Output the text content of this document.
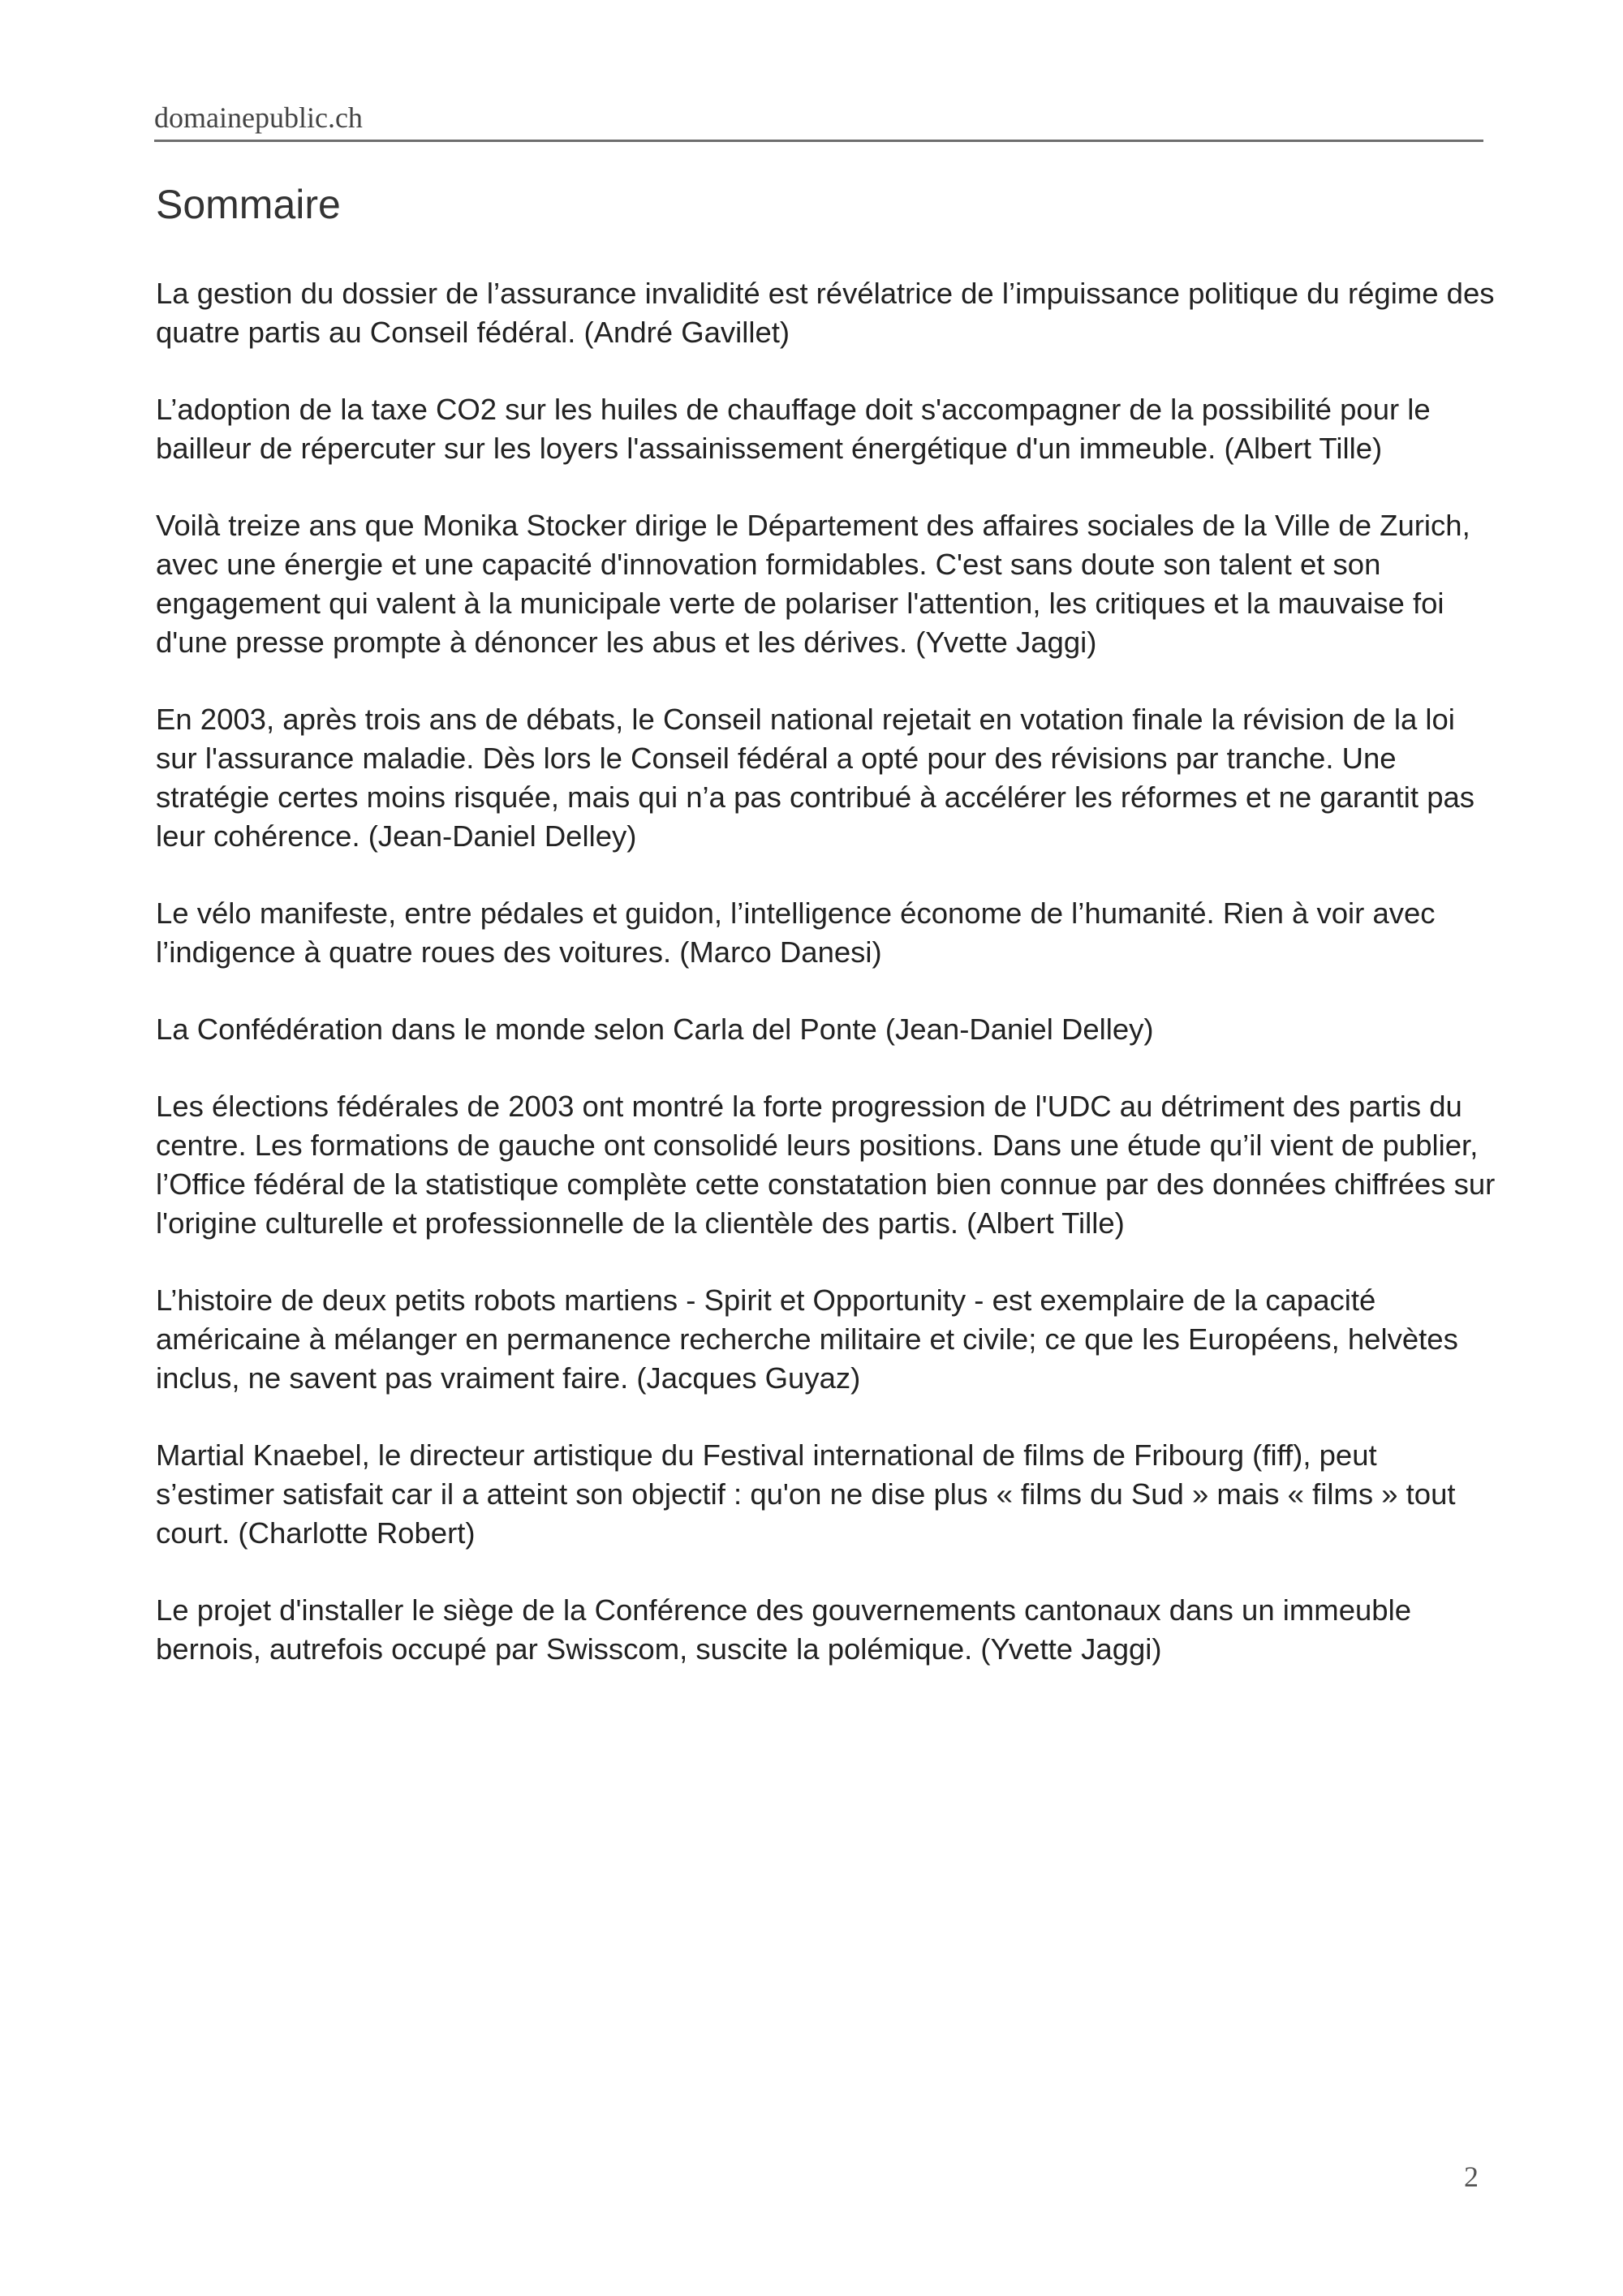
domainepublic.ch
Sommaire

La gestion du dossier de l’assurance invalidité est révélatrice de l’impuissance politique du régime des quatre partis au Conseil fédéral. (André Gavillet)

L’adoption de la taxe CO2 sur les huiles de chauffage doit s'accompagner de la possibilité pour le bailleur de répercuter sur les loyers l'assainissement énergétique d'un immeuble. (Albert Tille)

Voilà treize ans que Monika Stocker dirige le Département des affaires sociales de la Ville de Zurich, avec une énergie et une capacité d'innovation formidables. C'est sans doute son talent et son engagement qui valent à la municipale verte de polariser l'attention, les critiques et la mauvaise foi d'une presse prompte à dénoncer les abus et les dérives. (Yvette Jaggi)

En 2003, après trois ans de débats, le Conseil national rejetait en votation finale la révision de la loi sur l'assurance maladie. Dès lors le Conseil fédéral a opté pour des révisions par tranche. Une stratégie certes moins risquée, mais qui n’a pas contribué à accélérer les réformes et ne garantit pas leur cohérence. (Jean-Daniel Delley)

Le vélo manifeste, entre pédales et guidon, l’intelligence économe de l’humanité. Rien à voir avec l’indigence à quatre roues des voitures. (Marco Danesi)

La Confédération dans le monde selon Carla del Ponte (Jean-Daniel Delley)

Les élections fédérales de 2003 ont montré la forte progression de l'UDC au détriment des partis du centre. Les formations de gauche ont consolidé leurs positions. Dans une étude qu’il vient de publier, l’Office fédéral de la statistique complète cette constatation bien connue par des données chiffrées sur l'origine culturelle et professionnelle de la clientèle des partis. (Albert Tille)

L’histoire de deux petits robots martiens - Spirit et Opportunity - est exemplaire de la capacité américaine à mélanger en permanence recherche militaire et civile; ce que les Européens, helvètes inclus, ne savent pas vraiment faire. (Jacques Guyaz)

Martial Knaebel, le directeur artistique du Festival international de films de Fribourg (fiff), peut s’estimer satisfait car il a atteint son objectif : qu'on ne dise plus « films du Sud » mais « films » tout court. (Charlotte Robert)

Le projet d'installer le siège de la Conférence des gouvernements cantonaux dans un immeuble bernois, autrefois occupé par Swisscom, suscite la polémique. (Yvette Jaggi)

2
